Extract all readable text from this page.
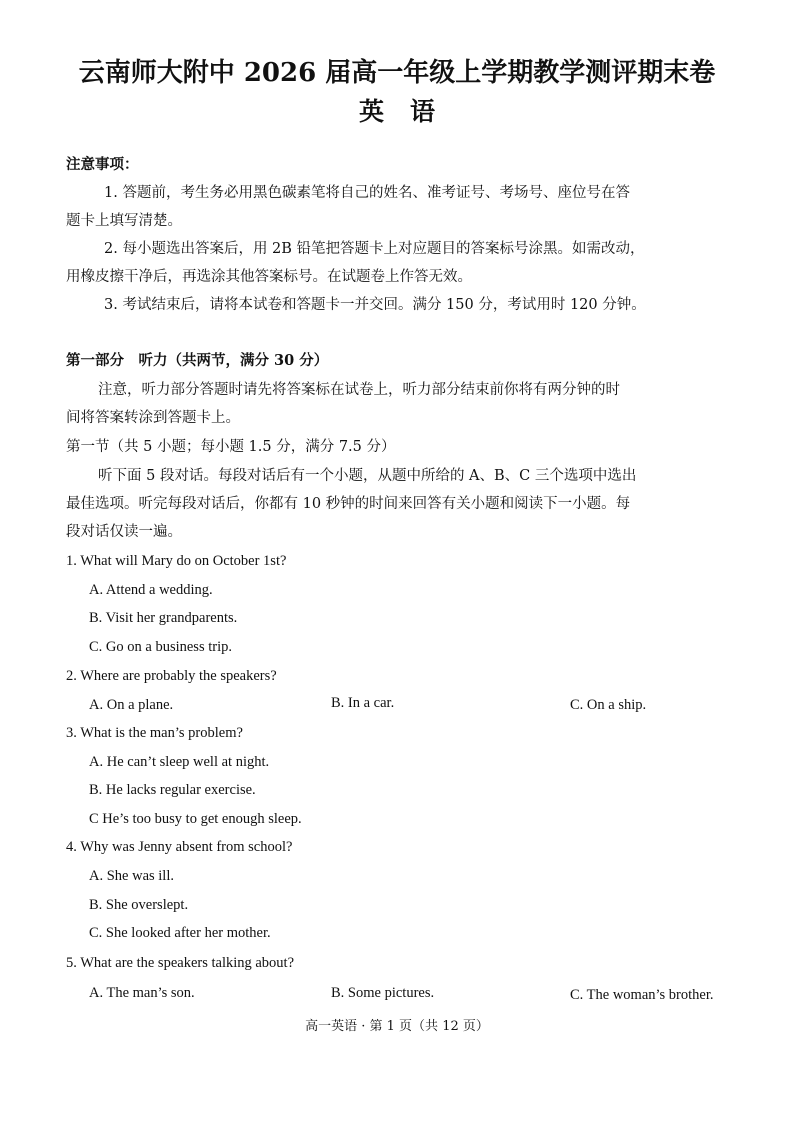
云南师大附中 2026 届高一年级上学期教学测评期末卷
英语
注意事项：
1. 答题前，考生务必用黑色碳素笔将自己的姓名、准考证号、考场号、座位号在答
题卡上填写清楚。
2. 每小题选出答案后，用 2B 铅笔把答题卡上对应题目的答案标号涂黑。如需改动，
用橡皮擦干净后，再选涂其他答案标号。在试题卷上作答无效。
3. 考试结束后，请将本试卷和答题卡一并交回。满分 150 分，考试用时 120 分钟。
第一部分　听力（共两节，满分 30 分）
注意，听力部分答题时请先将答案标在试卷上，听力部分结束前你将有两分钟的时
间将答案转涂到答题卡上。
第一节（共 5 小题；每小题 1.5 分，满分 7.5 分）
听下面 5 段对话。每段对话后有一个小题，从题中所给的 A、B、C 三个选项中选出
最佳选项。听完每段对话后，你都有 10 秒钟的时间来回答有关小题和阅读下一小题。每
段对话仅读一遍。
1. What will Mary do on October 1st?
A. Attend a wedding.
B. Visit her grandparents.
C. Go on a business trip.
2. Where are probably the speakers?
A. On a plane.	B. In a car.	C. On a ship.
3. What is the man’s problem?
A. He can’t sleep well at night.
B. He lacks regular exercise.
C He’s too busy to get enough sleep.
4. Why was Jenny absent from school?
A. She was ill.
B. She overslept.
C. She looked after her mother.
5. What are the speakers talking about?
A. The man’s son.	B. Some pictures.	C. The woman’s brother.
高一英语 · 第 1 页（共 12 页）
